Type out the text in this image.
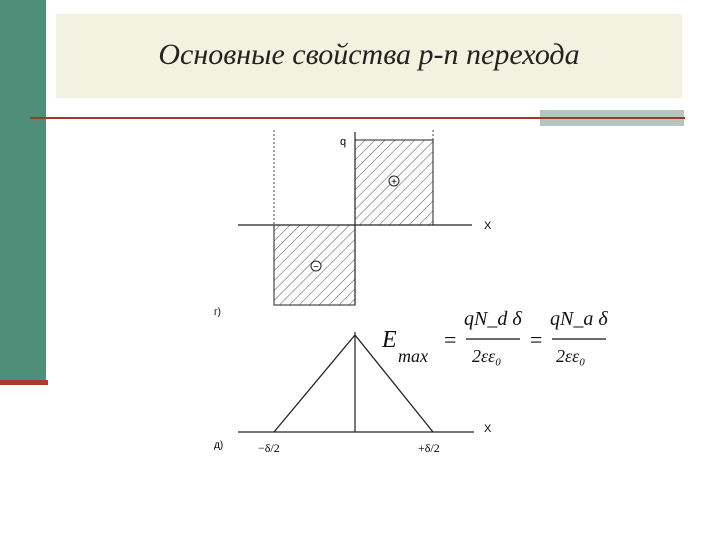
Основные свойства p-n перехода
+
−
q
X
г)
X
−δ/2	+δ/2
д)
E
max
=
qN_d δ
2εε₀
=
qN_a δ
2εε₀
